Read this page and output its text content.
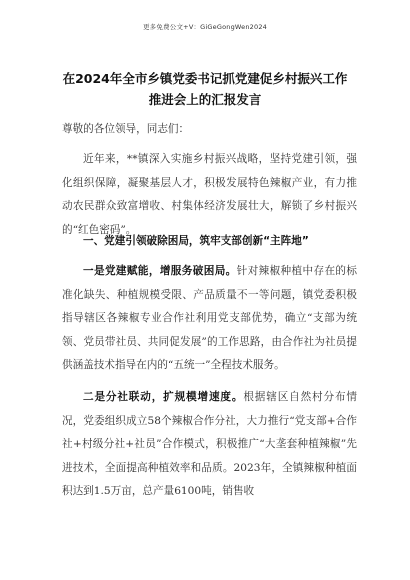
更多免费公文+V：GiGeGongWen2024
在2024年全市乡镇党委书记抓党建促乡村振兴工作推进会上的汇报发言
尊敬的各位领导，同志们：
近年来，**镇深入实施乡村振兴战略，坚持党建引领，强化组织保障，凝聚基层人才，积极发展特色辣椒产业，有力推动农民群众致富增收、村集体经济发展壮大，解锁了乡村振兴的“红色密码”。
一、党建引领破除困局，筑牢支部创新“主阵地”
一是党建赋能，增服务破困局。针对辣椒种植中存在的标准化缺失、种植规模受限、产品质量不一等问题，镇党委积极指导辖区各辣椒专业合作社利用党支部优势，确立“支部为统领、党员带社员、共同促发展”的工作思路，由合作社为社员提供涵盖技术指导在内的“五统一”全程技术服务。
二是分社联动，扩规模增速度。根据辖区自然村分布情况，党委组织成立58个辣椒合作分社，大力推行“党支部+合作社+村级分社+社员”合作模式，积极推广“大垄套种植辣椒”先进技术，全面提高种植效率和品质。2023年，全镇辣椒种植面积达到1.5万亩，总产量6100吨，销售收
